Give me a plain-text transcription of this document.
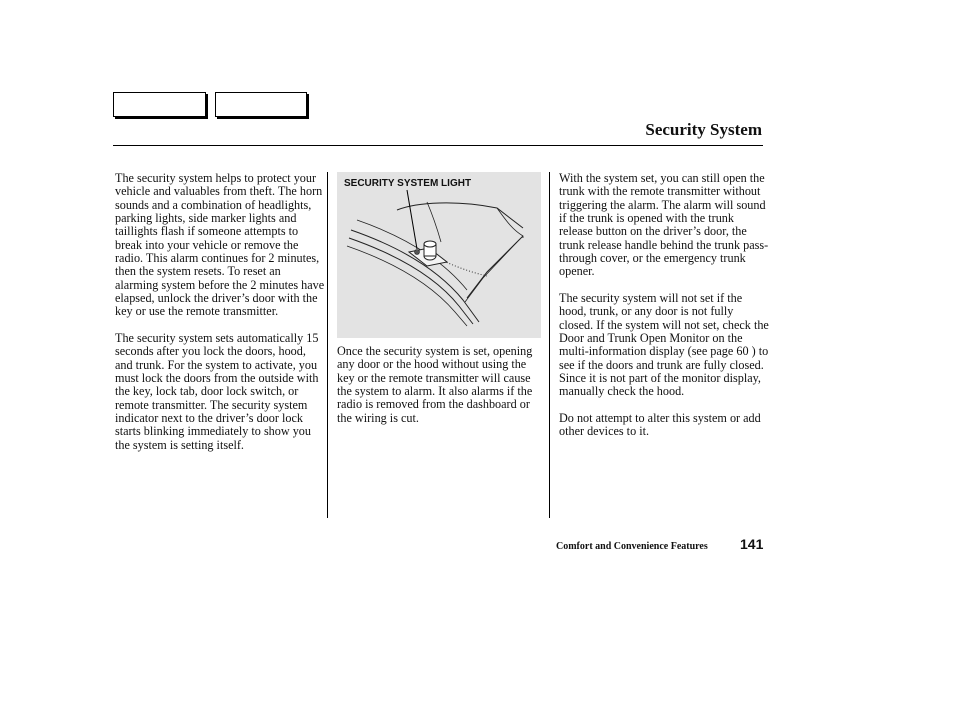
Security System

The security system helps to protect your vehicle and valuables from theft. The horn sounds and a combination of headlights, parking lights, side marker lights and taillights flash if someone attempts to break into your vehicle or remove the radio. This alarm continues for 2 minutes, then the system resets. To reset an alarming system before the 2 minutes have elapsed, unlock the driver’s door with the key or use the remote transmitter.

The security system sets automatically 15 seconds after you lock the doors, hood, and trunk. For the system to activate, you must lock the doors from the outside with the key, lock tab, door lock switch, or remote transmitter. The security system indicator next to the driver’s door lock starts blinking immediately to show you the system is setting itself.

SECURITY SYSTEM LIGHT

Once the security system is set, opening any door or the hood without using the key or the remote transmitter will cause the system to alarm. It also alarms if the radio is removed from the dashboard or the wiring is cut.

With the system set, you can still open the trunk with the remote transmitter without triggering the alarm. The alarm will sound if the trunk is opened with the trunk release button on the driver’s door, the trunk release handle behind the trunk pass-through cover, or the emergency trunk opener.

The security system will not set if the hood, trunk, or any door is not fully closed. If the system will not set, check the Door and Trunk Open Monitor on the multi-information display (see page 60 ) to see if the doors and trunk are fully closed. Since it is not part of the monitor display, manually check the hood.

Do not attempt to alter this system or add other devices to it.

Comfort and Convenience Features 141
